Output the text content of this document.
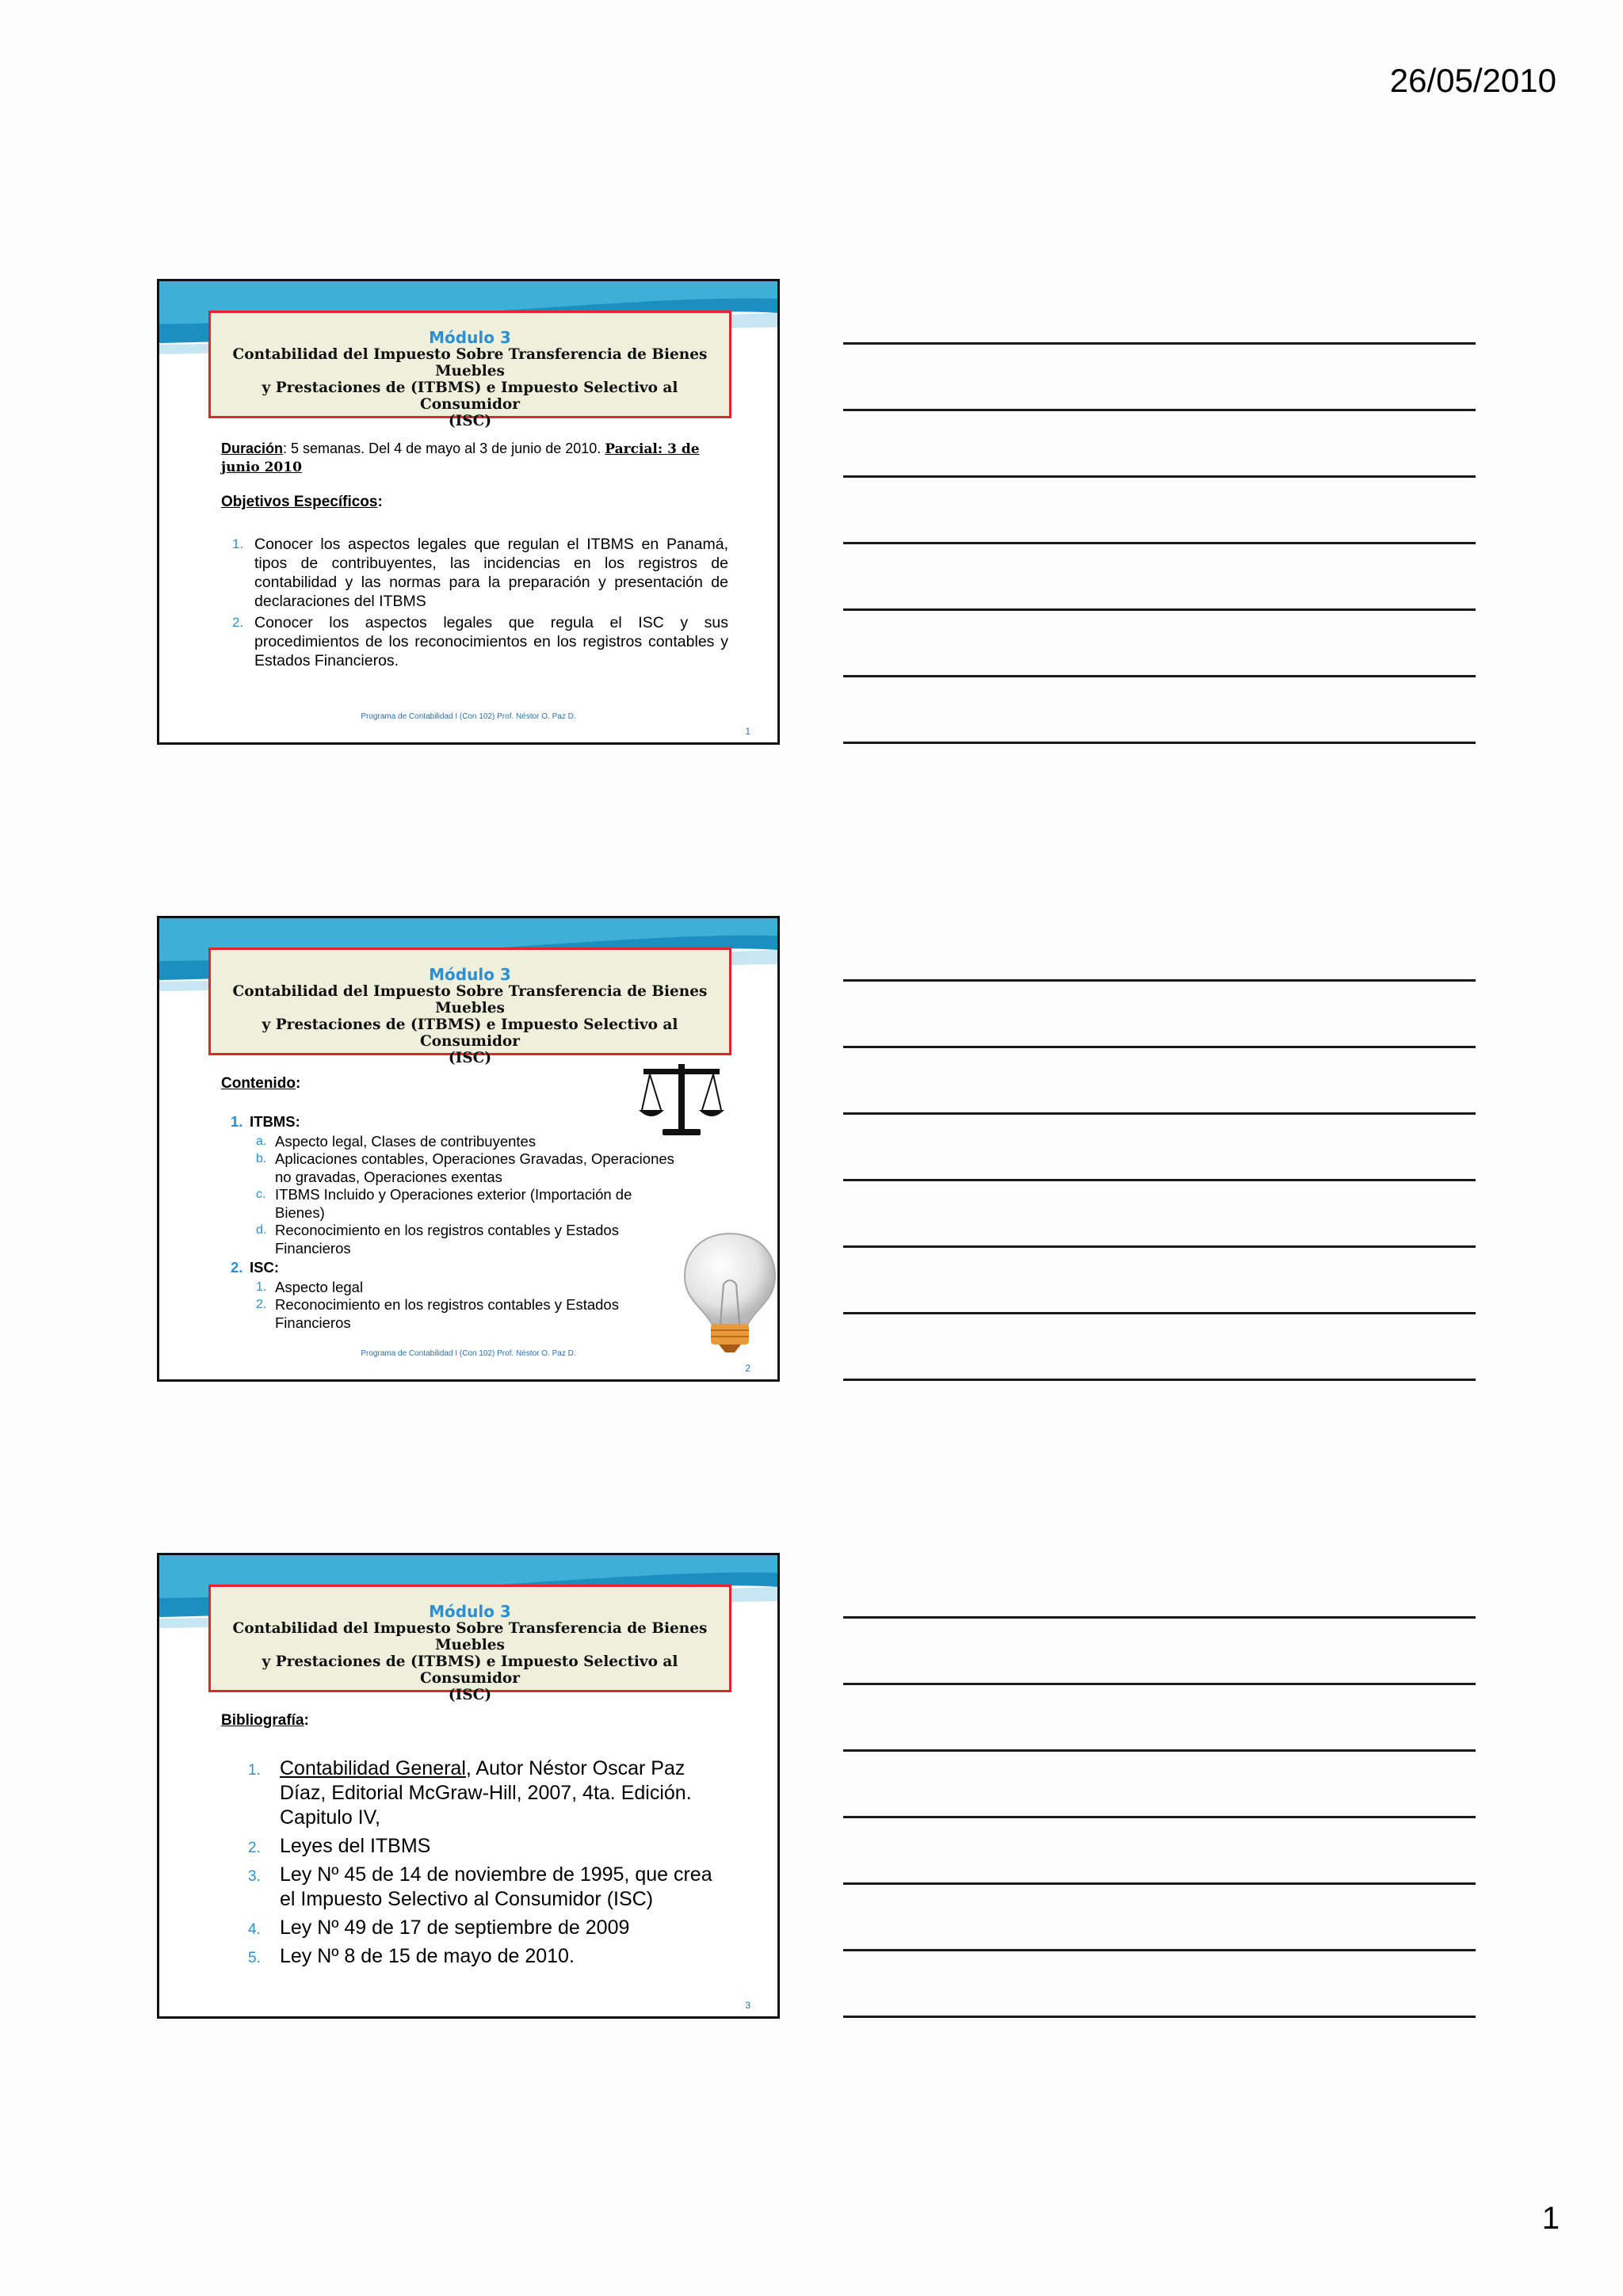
26/05/2010
Módulo 3
Contabilidad del Impuesto Sobre Transferencia de Bienes Muebles
y Prestaciones de (ITBMS) e Impuesto Selectivo al Consumidor
(ISC)
Duración: 5 semanas. Del 4 de mayo al 3 de junio de 2010. Parcial: 3 de junio 2010
Objetivos Específicos:
1. Conocer los aspectos legales que regulan el ITBMS en Panamá, tipos de contribuyentes, las incidencias en los registros de contabilidad y las normas para la preparación y presentación de declaraciones del ITBMS
2. Conocer los aspectos legales que regula el ISC y sus procedimientos de los reconocimientos en los registros contables y Estados Financieros.
Programa de Contabilidad I (Con 102) Prof. Néstor O. Paz D.
1
Módulo 3
Contabilidad del Impuesto Sobre Transferencia de Bienes Muebles
y Prestaciones de (ITBMS) e Impuesto Selectivo al Consumidor
(ISC)
Contenido:
1. ITBMS:
a. Aspecto legal, Clases de contribuyentes
b. Aplicaciones contables, Operaciones Gravadas, Operaciones no gravadas, Operaciones exentas
c. ITBMS Incluido y Operaciones exterior (Importación de Bienes)
d. Reconocimiento en los registros contables y Estados Financieros
2. ISC:
1. Aspecto legal
2. Reconocimiento en los registros contables y Estados Financieros
Programa de Contabilidad I (Con 102) Prof. Néstor O. Paz D.
2
Módulo 3
Contabilidad del Impuesto Sobre Transferencia de Bienes Muebles
y Prestaciones de (ITBMS) e Impuesto Selectivo al Consumidor
(ISC)
Bibliografía:
1. Contabilidad General, Autor Néstor Oscar Paz Díaz, Editorial McGraw-Hill, 2007, 4ta. Edición. Capitulo IV,
2. Leyes del ITBMS
3. Ley Nº 45 de 14 de noviembre de 1995, que crea el Impuesto Selectivo al Consumidor (ISC)
4. Ley Nº 49 de 17 de septiembre de 2009
5. Ley Nº 8 de 15 de mayo de 2010.
3
1
